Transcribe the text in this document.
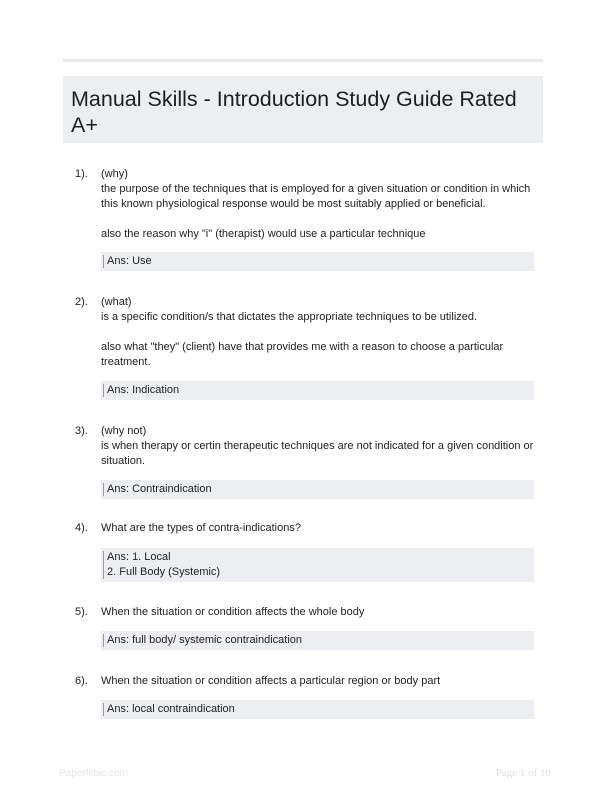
Manual Skills - Introduction Study Guide Rated A+
1). (why)
the purpose of the techniques that is employed for a given situation or condition in which this known physiological response would be most suitably applied or beneficial.

also the reason why "i" (therapist) would use a particular technique

Ans: Use
2). (what)
is a specific condition/s that dictates the appropriate techniques to be utilized.

also what "they" (client) have that provides me with a reason to choose a particular treatment.

Ans: Indication
3). (why not)
is when therapy or certin therapeutic techniques are not indicated for a given condition or situation.

Ans: Contraindication
4). What are the types of contra-indications?

Ans: 1. Local
2. Full Body (Systemic)
5). When the situation or condition affects the whole body

Ans: full body/ systemic contraindication
6). When the situation or condition affects a particular region or body part

Ans: local contraindication
Paperfitbic.com	Page 1 of 10
